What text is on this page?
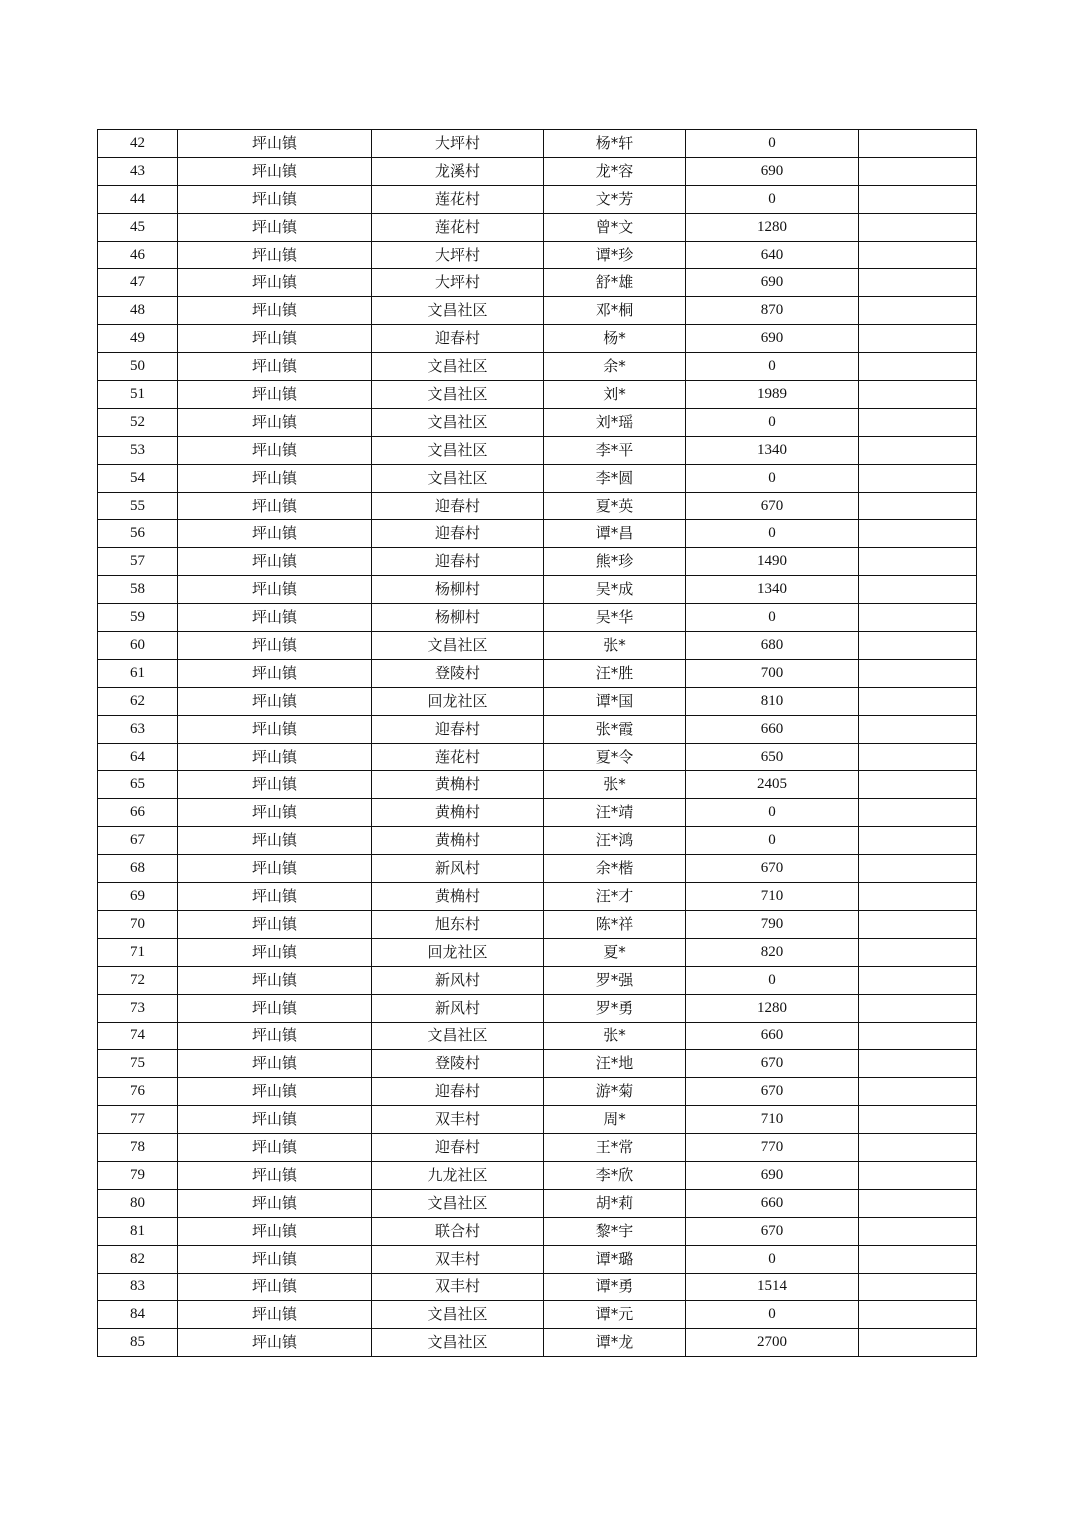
42	坪山镇	大坪村	杨*轩	0	
43	坪山镇	龙溪村	龙*容	690	
44	坪山镇	莲花村	文*芳	0	
45	坪山镇	莲花村	曾*文	1280	
46	坪山镇	大坪村	谭*珍	640	
47	坪山镇	大坪村	舒*雄	690	
48	坪山镇	文昌社区	邓*桐	870	
49	坪山镇	迎春村	杨*	690	
50	坪山镇	文昌社区	余*	0	
51	坪山镇	文昌社区	刘*	1989	
52	坪山镇	文昌社区	刘*瑶	0	
53	坪山镇	文昌社区	李*平	1340	
54	坪山镇	文昌社区	李*圆	0	
55	坪山镇	迎春村	夏*英	670	
56	坪山镇	迎春村	谭*昌	0	
57	坪山镇	迎春村	熊*珍	1490	
58	坪山镇	杨柳村	吴*成	1340	
59	坪山镇	杨柳村	吴*华	0	
60	坪山镇	文昌社区	张*	680	
61	坪山镇	登陵村	汪*胜	700	
62	坪山镇	回龙社区	谭*国	810	
63	坪山镇	迎春村	张*霞	660	
64	坪山镇	莲花村	夏*令	650	
65	坪山镇	黄桷村	张*	2405	
66	坪山镇	黄桷村	汪*靖	0	
67	坪山镇	黄桷村	汪*鸿	0	
68	坪山镇	新风村	余*楷	670	
69	坪山镇	黄桷村	汪*才	710	
70	坪山镇	旭东村	陈*祥	790	
71	坪山镇	回龙社区	夏*	820	
72	坪山镇	新风村	罗*强	0	
73	坪山镇	新风村	罗*勇	1280	
74	坪山镇	文昌社区	张*	660	
75	坪山镇	登陵村	汪*地	670	
76	坪山镇	迎春村	游*菊	670	
77	坪山镇	双丰村	周*	710	
78	坪山镇	迎春村	王*常	770	
79	坪山镇	九龙社区	李*欣	690	
80	坪山镇	文昌社区	胡*莉	660	
81	坪山镇	联合村	黎*宇	670	
82	坪山镇	双丰村	谭*璐	0	
83	坪山镇	双丰村	谭*勇	1514	
84	坪山镇	文昌社区	谭*元	0	
85	坪山镇	文昌社区	谭*龙	2700	
